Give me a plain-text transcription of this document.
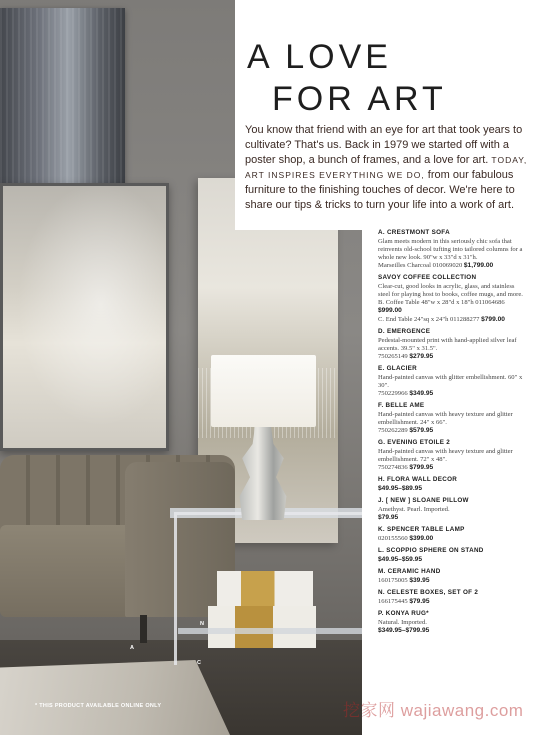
A LOVE
FOR ART

You know that friend with an eye for art that took years to cultivate? That's us. Back in 1979 we started off with a poster shop, a bunch of frames, and a love for art. TODAY, ART INSPIRES EVERYTHING WE DO, from our fabulous furniture to the finishing touches of decor. We're here to share our tips & tricks to turn your life into a work of art.

A. CRESTMONT SOFA
Glam meets modern in this seriously chic sofa that reinvents old-school tufting into tailored columns for a whole new look. 90"w x 33"d x 31"h.
Marseilles Charcoal 010069020 $1,799.00
SAVOY COFFEE COLLECTION
Clear-cut, good looks in acrylic, glass, and stainless steel for playing host to books, coffee mugs, and more.
B. Coffee Table 48"w x 28"d x 18"h 011064686 $999.00
C. End Table 24"sq x 24"h 011288277 $799.00
D. EMERGENCE
Pedestal-mounted print with hand-applied silver leaf accents. 39.5" x 31.5".
750265149 $279.95
E. GLACIER
Hand-painted canvas with glitter embellishment. 60" x 30".
750229966 $349.95
F. BELLE AME
Hand-painted canvas with heavy texture and glitter embellishment. 24" x 66".
750262289 $579.95
G. EVENING ETOILE 2
Hand-painted canvas with heavy texture and glitter embellishment. 72" x 48".
750274836 $799.95
H. FLORA WALL DECOR
$49.95–$89.95
J. [ NEW ] SLOANE PILLOW
Amethyst. Pearl. Imported.
$79.95
K. SPENCER TABLE LAMP
020155560 $399.00
L. SCOPPIO SPHERE ON STAND
$49.95–$59.95
M. CERAMIC HAND
160175005 $39.95
N. CELESTE BOXES, SET OF 2
166175445 $79.95
P. KONYA RUG*
Natural. Imported.
$349.95–$799.95
A
C
N
* THIS PRODUCT AVAILABLE ONLINE ONLY	挖家网 wajiawang.com
